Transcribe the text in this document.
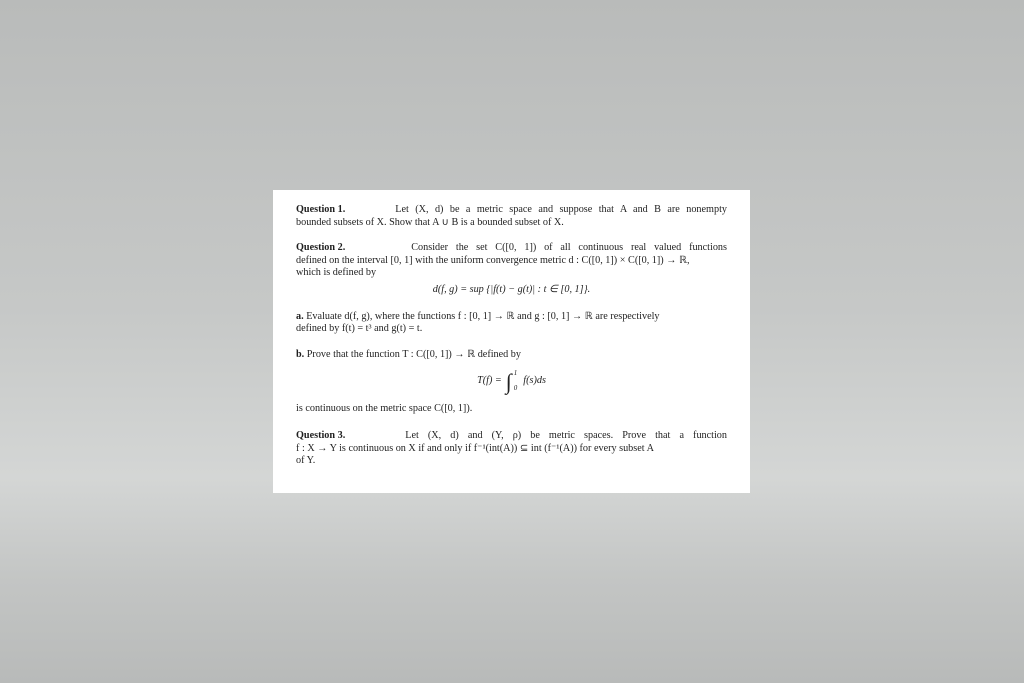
Question 1.	Let (X, d) be a metric space and suppose that A and B are nonempty
bounded subsets of X. Show that A ∪ B is a bounded subset of X.
Question 2.	Consider the set C([0, 1]) of all continuous real valued functions
defined on the interval [0, 1] with the uniform convergence metric d : C([0, 1]) × C([0, 1]) → ℝ,
which is defined by
d(f, g) = sup {|f(t) − g(t)| : t ∈ [0, 1]}.
a. Evaluate d(f, g), where the functions f : [0, 1] → ℝ and g : [0, 1] → ℝ are respectively
defined by f(t) = t³ and g(t) = t.
b. Prove that the function T : C([0, 1]) → ℝ defined by
T(f) = ∫ 1
0
f(s)ds
is continuous on the metric space C([0, 1]).
Question 3.	Let (X, d) and (Y, ρ) be metric spaces. Prove that a function
f : X → Y is continuous on X if and only if f⁻¹(int(A)) ⊆ int (f⁻¹(A)) for every subset A
of Y.
